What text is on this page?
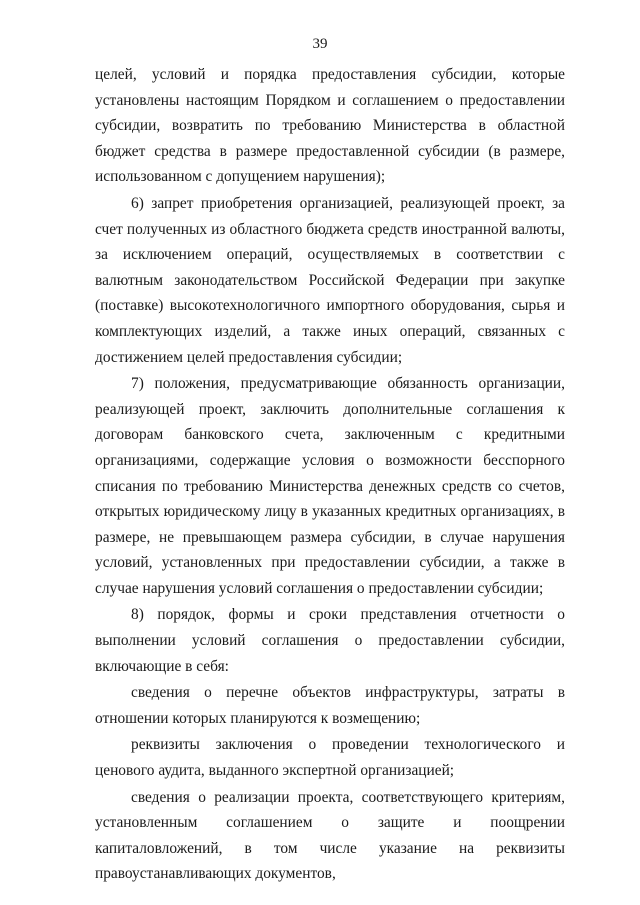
39

целей, условий и порядка предоставления субсидии, которые установлены настоящим Порядком и соглашением о предоставлении субсидии, возвратить по требованию Министерства в областной бюджет средства в размере предоставленной субсидии (в размере, использованном с допущением нарушения);

6) запрет приобретения организацией, реализующей проект, за счет полученных из областного бюджета средств иностранной валюты, за исключением операций, осуществляемых в соответствии с валютным законодательством Российской Федерации при закупке (поставке) высокотехнологичного импортного оборудования, сырья и комплектующих изделий, а также иных операций, связанных с достижением целей предоставления субсидии;

7) положения, предусматривающие обязанность организации, реализующей проект, заключить дополнительные соглашения к договорам банковского счета, заключенным с кредитными организациями, содержащие условия о возможности бесспорного списания по требованию Министерства денежных средств со счетов, открытых юридическому лицу в указанных кредитных организациях, в размере, не превышающем размера субсидии, в случае нарушения условий, установленных при предоставлении субсидии, а также в случае нарушения условий соглашения о предоставлении субсидии;

8) порядок, формы и сроки представления отчетности о выполнении условий соглашения о предоставлении субсидии, включающие в себя:

сведения о перечне объектов инфраструктуры, затраты в отношении которых планируются к возмещению;

реквизиты заключения о проведении технологического и ценового аудита, выданного экспертной организацией;

сведения о реализации проекта, соответствующего критериям, установленным соглашением о защите и поощрении капиталовложений, в том числе указание на реквизиты правоустанавливающих документов,
